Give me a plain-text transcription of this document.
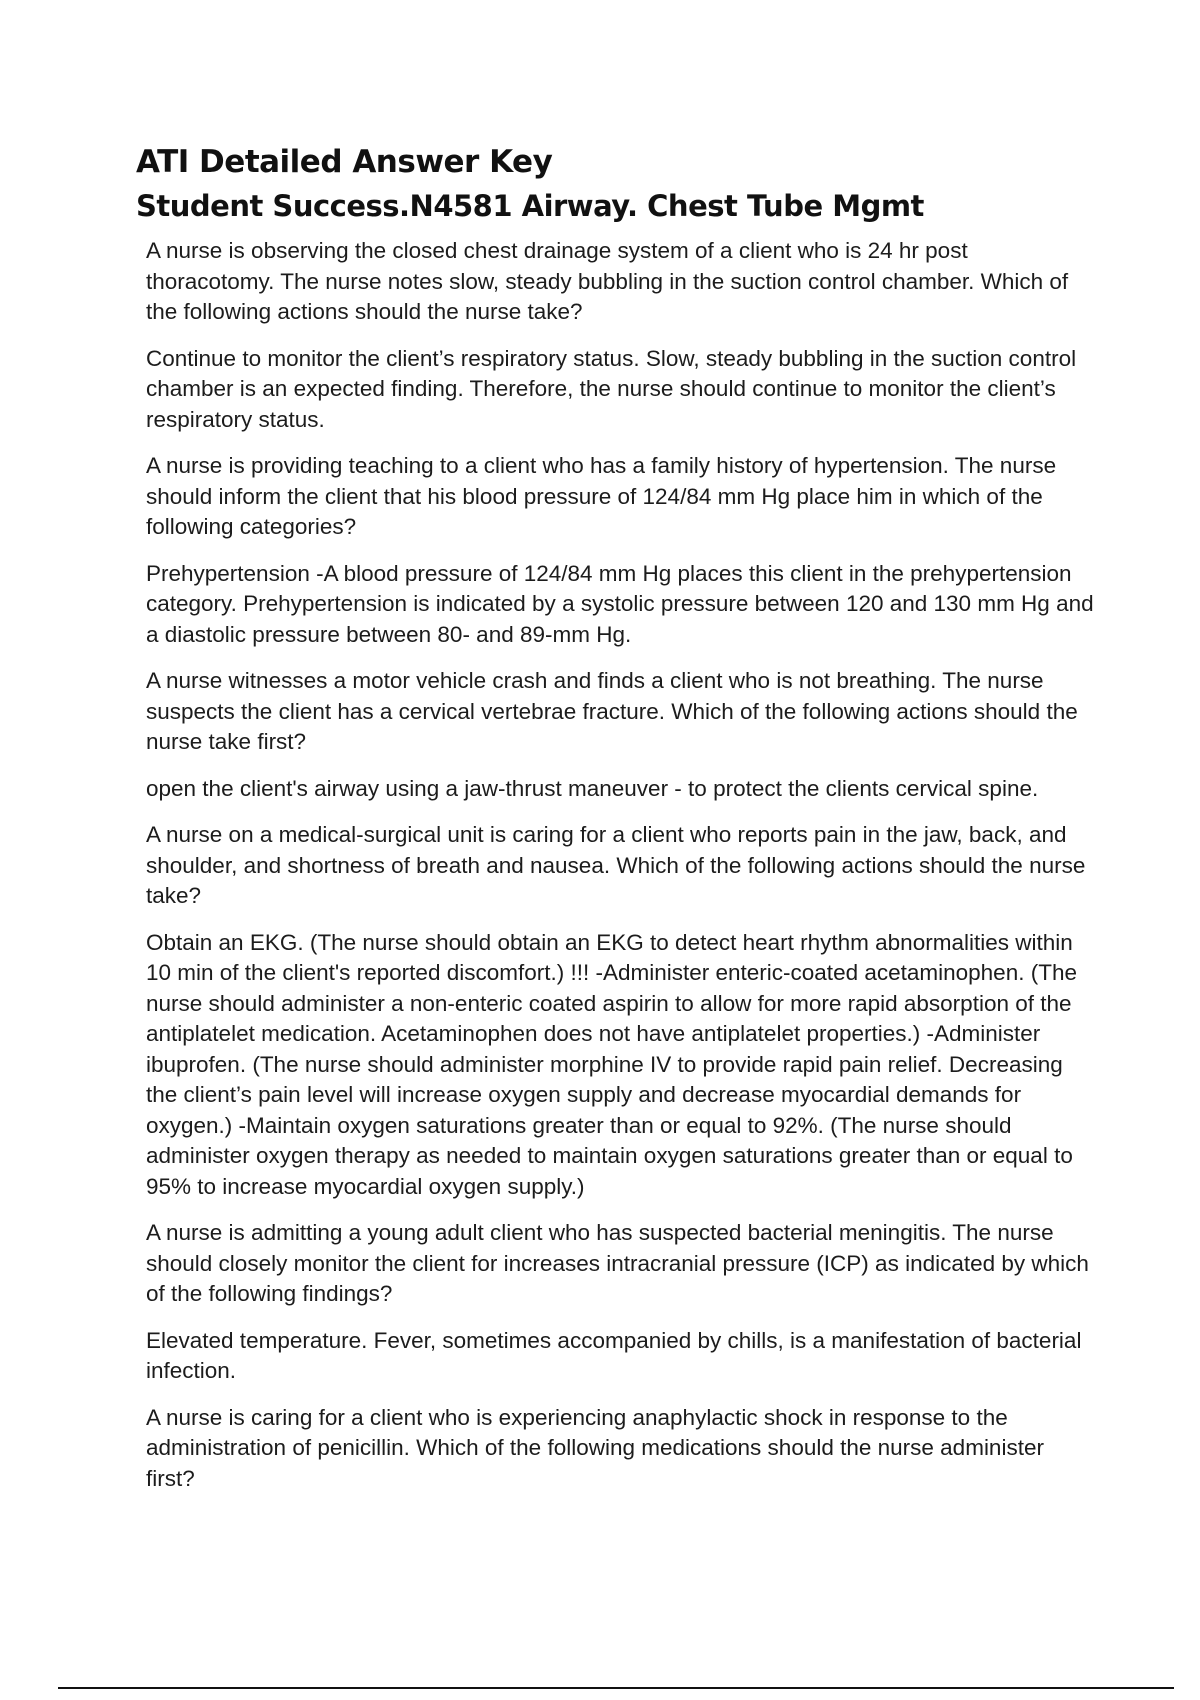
ATI Detailed Answer Key
Student Success.N4581 Airway. Chest Tube Mgmt

A nurse is observing the closed chest drainage system of a client who is 24 hr post thoracotomy. The nurse notes slow, steady bubbling in the suction control chamber. Which of the following actions should the nurse take?

Continue to monitor the client’s respiratory status. Slow, steady bubbling in the suction control chamber is an expected finding. Therefore, the nurse should continue to monitor the client’s respiratory status.

A nurse is providing teaching to a client who has a family history of hypertension. The nurse should inform the client that his blood pressure of 124/84 mm Hg place him in which of the following categories?

Prehypertension -A blood pressure of 124/84 mm Hg places this client in the prehypertension category. Prehypertension is indicated by a systolic pressure between 120 and 130 mm Hg and a diastolic pressure between 80- and 89-mm Hg.

A nurse witnesses a motor vehicle crash and finds a client who is not breathing. The nurse suspects the client has a cervical vertebrae fracture. Which of the following actions should the nurse take first?

open the client's airway using a jaw-thrust maneuver - to protect the clients cervical spine.

A nurse on a medical-surgical unit is caring for a client who reports pain in the jaw, back, and shoulder, and shortness of breath and nausea. Which of the following actions should the nurse take?

Obtain an EKG. (The nurse should obtain an EKG to detect heart rhythm abnormalities within 10 min of the client's reported discomfort.) !!! -Administer enteric-coated acetaminophen. (The nurse should administer a non-enteric coated aspirin to allow for more rapid absorption of the antiplatelet medication. Acetaminophen does not have antiplatelet properties.) -Administer ibuprofen. (The nurse should administer morphine IV to provide rapid pain relief. Decreasing the client’s pain level will increase oxygen supply and decrease myocardial demands for oxygen.) -Maintain oxygen saturations greater than or equal to 92%. (The nurse should administer oxygen therapy as needed to maintain oxygen saturations greater than or equal to 95% to increase myocardial oxygen supply.)

A nurse is admitting a young adult client who has suspected bacterial meningitis. The nurse should closely monitor the client for increases intracranial pressure (ICP) as indicated by which of the following findings?

Elevated temperature. Fever, sometimes accompanied by chills, is a manifestation of bacterial infection.

A nurse is caring for a client who is experiencing anaphylactic shock in response to the administration of penicillin. Which of the following medications should the nurse administer first?
